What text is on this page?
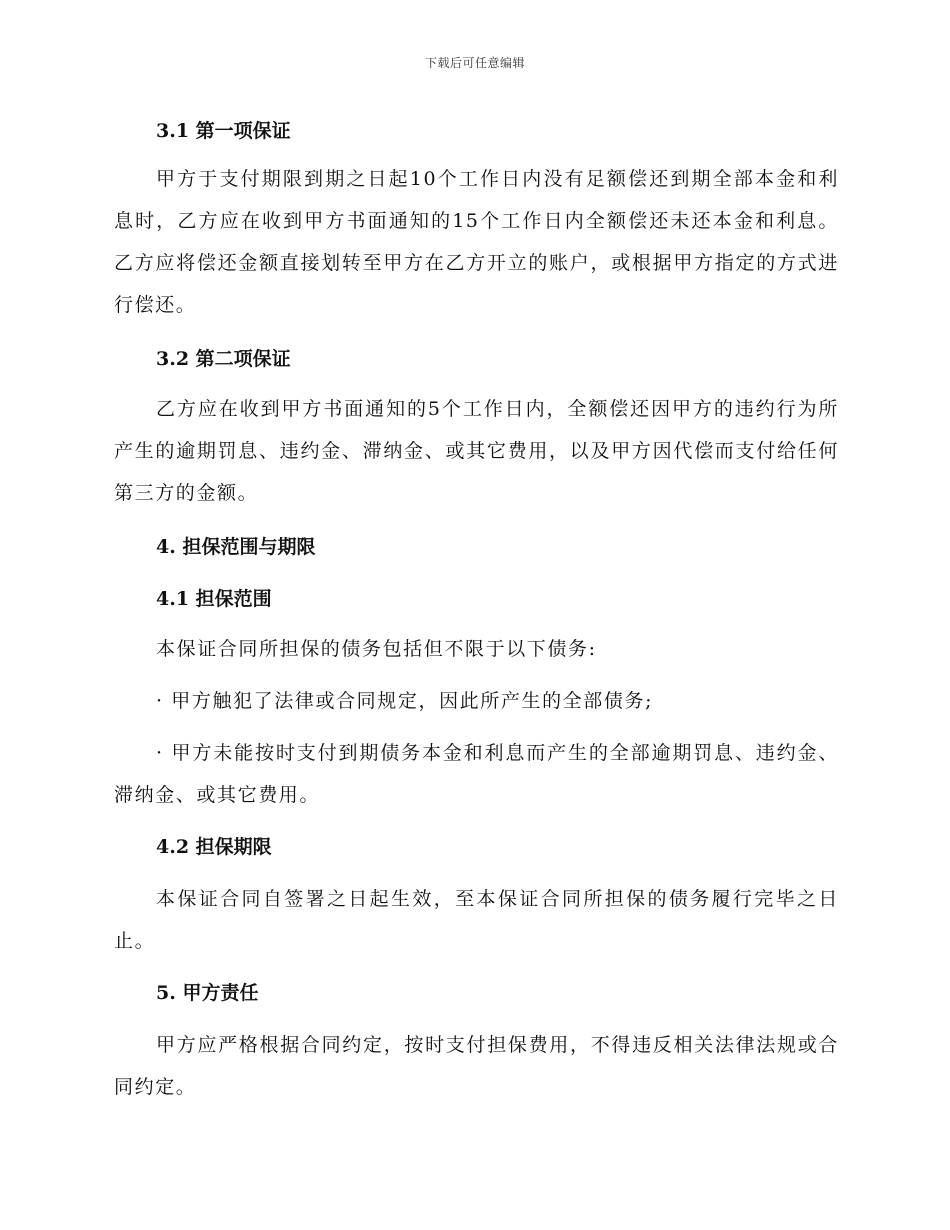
下载后可任意编辑
3.1 第一项保证

甲方于支付期限到期之日起10个工作日内没有足额偿还到期全部本金和利息时，乙方应在收到甲方书面通知的15个工作日内全额偿还未还本金和利息。乙方应将偿还金额直接划转至甲方在乙方开立的账户，或根据甲方指定的方式进行偿还。

3.2 第二项保证

乙方应在收到甲方书面通知的5个工作日内，全额偿还因甲方的违约行为所产生的逾期罚息、违约金、滞纳金、或其它费用，以及甲方因代偿而支付给任何第三方的金额。

4. 担保范围与期限
4.1 担保范围

本保证合同所担保的债务包括但不限于以下债务:

· 甲方触犯了法律或合同规定，因此所产生的全部债务;

· 甲方未能按时支付到期债务本金和利息而产生的全部逾期罚息、违约金、滞纳金、或其它费用。

4.2 担保期限

本保证合同自签署之日起生效，至本保证合同所担保的债务履行完毕之日止。

5. 甲方责任

甲方应严格根据合同约定，按时支付担保费用，不得违反相关法律法规或合同约定。
